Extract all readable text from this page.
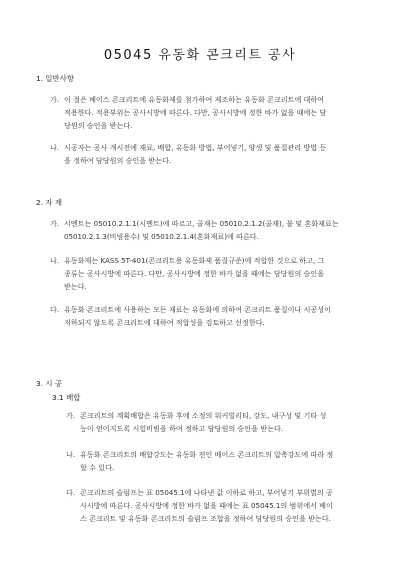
05045 유동화 콘크리트 공사
1. 일반사항
가. 이 절은 베이스 콘크리트에 유동화제를 첨가하여 제조하는 유동화 콘크리트에 대하여
적용한다. 적용부위는 공사시방에 따른다. 다만, 공사시방에 정한 바가 없을 때에는 담
당원의 승인을 받는다.
나. 시공자는 공사 개시전에 재료, 배합, 유동화 방법, 부어넣기, 양생 및 품질관리 방법 등
을 정하여 담당원의 승인을 받는다.
2. 자 재
가. 시멘트는 05010.2.1.1(시멘트)에 따르고, 골재는 05010.2.1.2(골재), 물 및 혼화재료는
05010.2.1.3(비빔용수) 및 05010.2.1.4(혼화재료)에 따른다.
나. 유동화제는 KASS 5T-401(콘크리트용 유동화제 품질규준)에 적합한 것으로 하고, 그
종류는 공사시방에 따른다. 다만, 공사시방에 정한 바가 없을 때에는 담당원의 승인을
받는다.
다. 유동화 콘크리트에 사용하는 모든 재료는 유동화에 의하여 콘크리트 품질이나 시공성이
저하되지 않도록 콘크리트에 대하여 적합성을 검토하고 선정한다.
3. 시 공
3.1 배합
가. 콘크리트의 계획배합은 유동화 후에 소정의 워커빌리티, 강도, 내구성 및 기타 성
능이 얻어지도록 시험비빔을 하여 정하고 담당원의 승인을 받는다.
나. 유동화 콘크리트의 배합강도는 유동화 전인 베이스 콘크리트의 압축강도에 따라 정
할 수 있다.
다. 콘크리트의 슬럼프는 표 05045.1에 나타낸 값 이하로 하고, 부어넣기 부위별의 공
사시방에 따른다. 공사시방에 정한 바가 없을 때에는 표 05045.1의 범위에서 베이
스 콘크리트 및 유동화 콘크리트의 슬럼프 조합을 정하여 담당원의 승인을 받는다.
